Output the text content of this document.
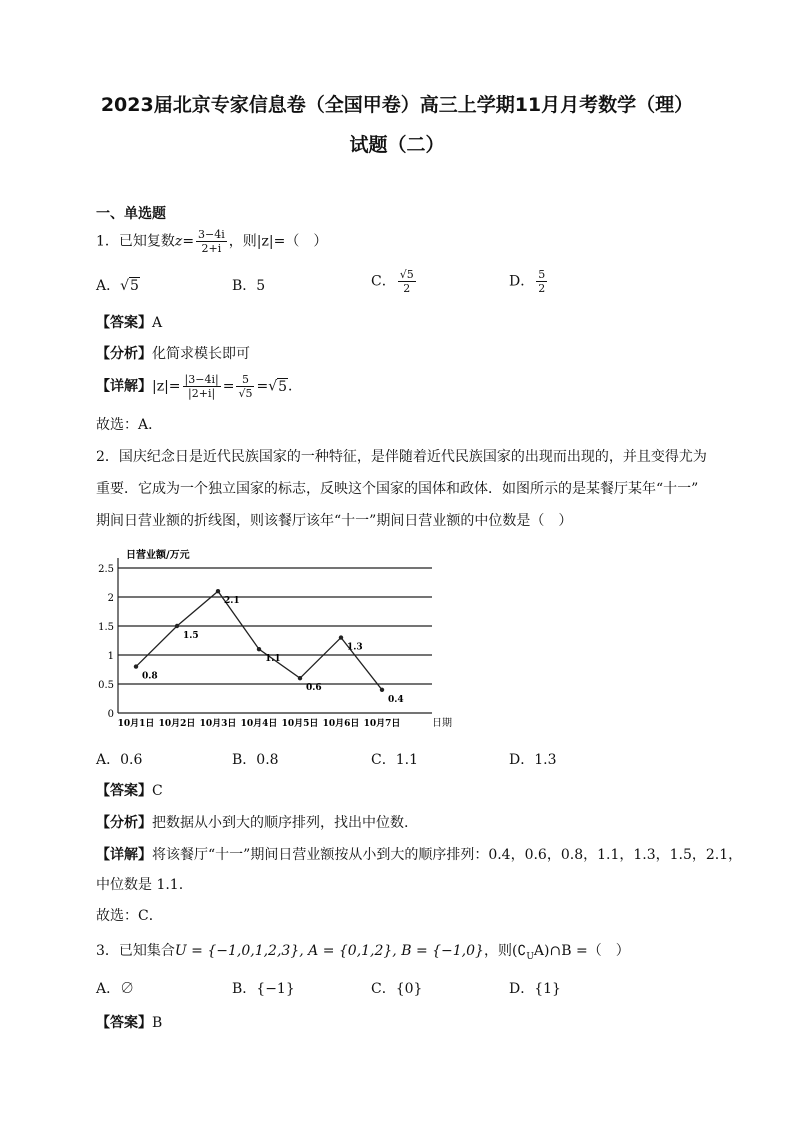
2023届北京专家信息卷（全国甲卷）高三上学期11月月考数学（理）
试题（二）
一、单选题
1．已知复数$z= \frac{3-4i}{2+i}$ ，则|z|=（　）
A．√5	B．5	C． $\frac{√5}{2}$	D． $\frac{5}{2}$
【答案】A
【分析】化简求模长即可
【详解】$|z|= \frac{|3-4i|}{|2+i|} = \frac{5}{√5} =√5$．
故选：A．
2．国庆纪念日是近代民族国家的一种特征，是伴随着近代民族国家的出现而出现的，并且变得尤为
重要．它成为一个独立国家的标志，反映这个国家的国体和政体．如图所示的是某餐厅某年“十一”
期间日营业额的折线图，则该餐厅该年“十一”期间日营业额的中位数是（　）
0
0.5
1
1.5
2
2.5
10月1日 10月2日 10月3日 10月4日 10月5日 10月6日 10月7日
0.8
1.5
2.1
1.1
0.6
1.3
0.4
日营业额/万元
日期
A．0.6	B．0.8	C．1.1	D．1.3
【答案】C
【分析】把数据从小到大的顺序排列，找出中位数.
【详解】将该餐厅“十一”期间日营业额按从小到大的顺序排列：0.4，0.6，0.8，1.1，1.3，1.5，2.1，
中位数是 1.1.
故选：C．
3．已知集合U = {−1,0,1,2,3}, A = {0,1,2}, B = {−1,0}，则$(∁_UA)\cap B$ =（　）
A．∅	B．{−1}	C．{0}	D．{1}
【答案】B
